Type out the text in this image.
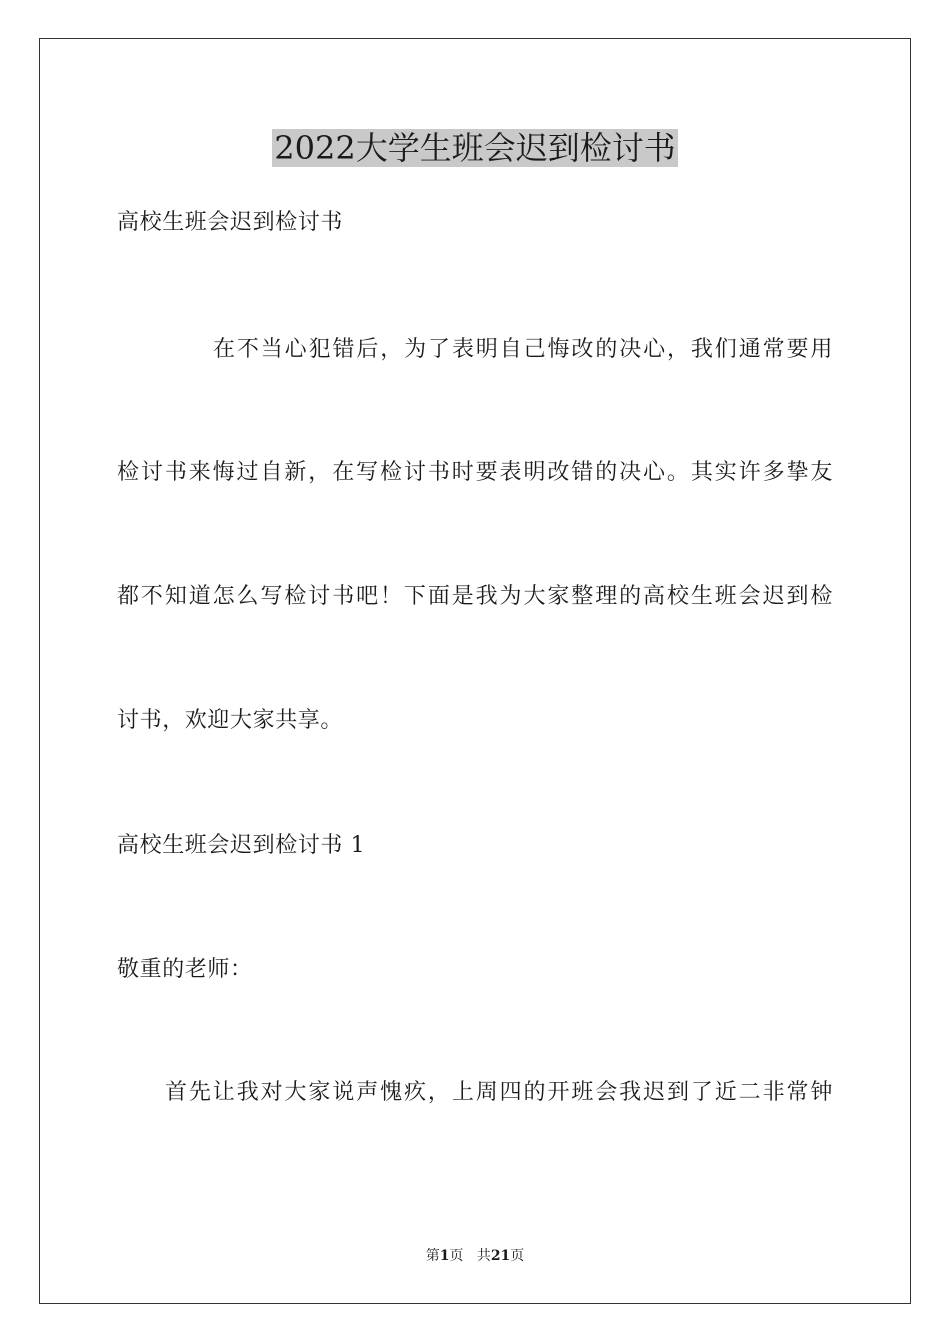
2022大学生班会迟到检讨书

高校生班会迟到检讨书

在不当心犯错后，为了表明自己悔改的决心，我们通常要用

检讨书来悔过自新，在写检讨书时要表明改错的决心。其实许多挚友

都不知道怎么写检讨书吧！下面是我为大家整理的高校生班会迟到检

讨书，欢迎大家共享。

高校生班会迟到检讨书 1

敬重的老师：

首先让我对大家说声愧疚，上周四的开班会我迟到了近二非常钟

第1页 共21页
